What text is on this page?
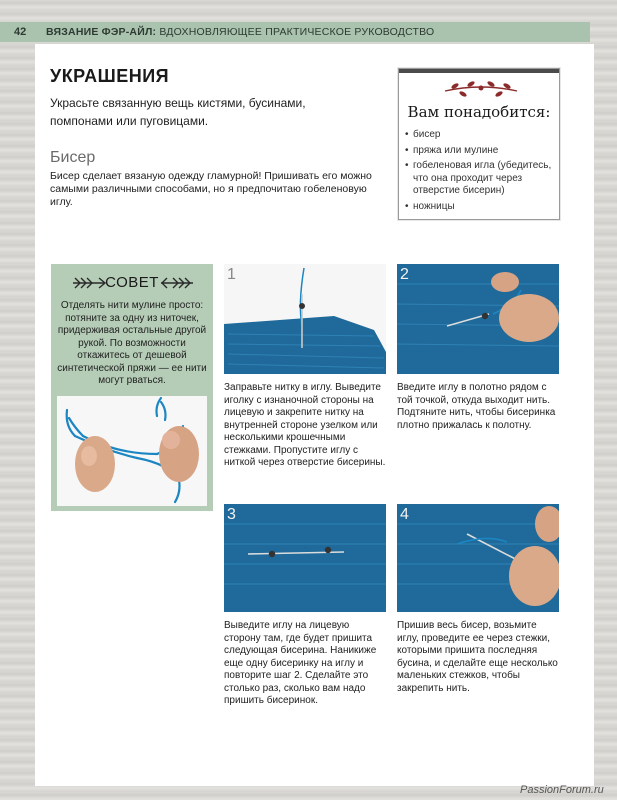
42 ВЯЗАНИЕ ФЭР-АЙЛ: ВДОХНОВЛЯЮЩЕЕ ПРАКТИЧЕСКОЕ РУКОВОДСТВО
УКРАШЕНИЯ
Украсьте связанную вещь кистями, бусинами, помпонами или пуговицами.
Бисер
Бисер сделает вязаную одежду гламурной! Пришивать его можно самыми различными способами, но я предпочитаю гобеленовую иглу.
Вам понадобится:
• бисер
• пряжа или мулине
• гобеленовая игла (убедитесь, что она проходит через отверстие бисерин)
• ножницы
СОВЕТ
Отделять нити мулине просто: потяните за одну из ниточек, придерживая остальные другой рукой. По возможности откажитесь от дешевой синтетической пряжи — ее нити могут рваться.
1
Заправьте нитку в иглу. Выведите иголку с изнаночной стороны на лицевую и закрепите нитку на внутренней стороне узелком или несколькими крошечными стежками. Пропустите иглу с ниткой через отверстие бисерины.
2
Введите иглу в полотно рядом с той точкой, откуда выходит нить. Подтяните нить, чтобы бисеринка плотно прижалась к полотну.
3
Выведите иглу на лицевую сторону там, где будет пришита следующая бисерина. Наникиже еще одну бисеринку на иглу и повторите шаг 2. Сделайте это столько раз, сколько вам надо пришить бисеринок.
4
Пришив весь бисер, возьмите иглу, проведите ее через стежки, которыми пришита последняя бусина, и сделайте еще несколько маленьких стежков, чтобы закрепить нить.
PassionForum.ru
